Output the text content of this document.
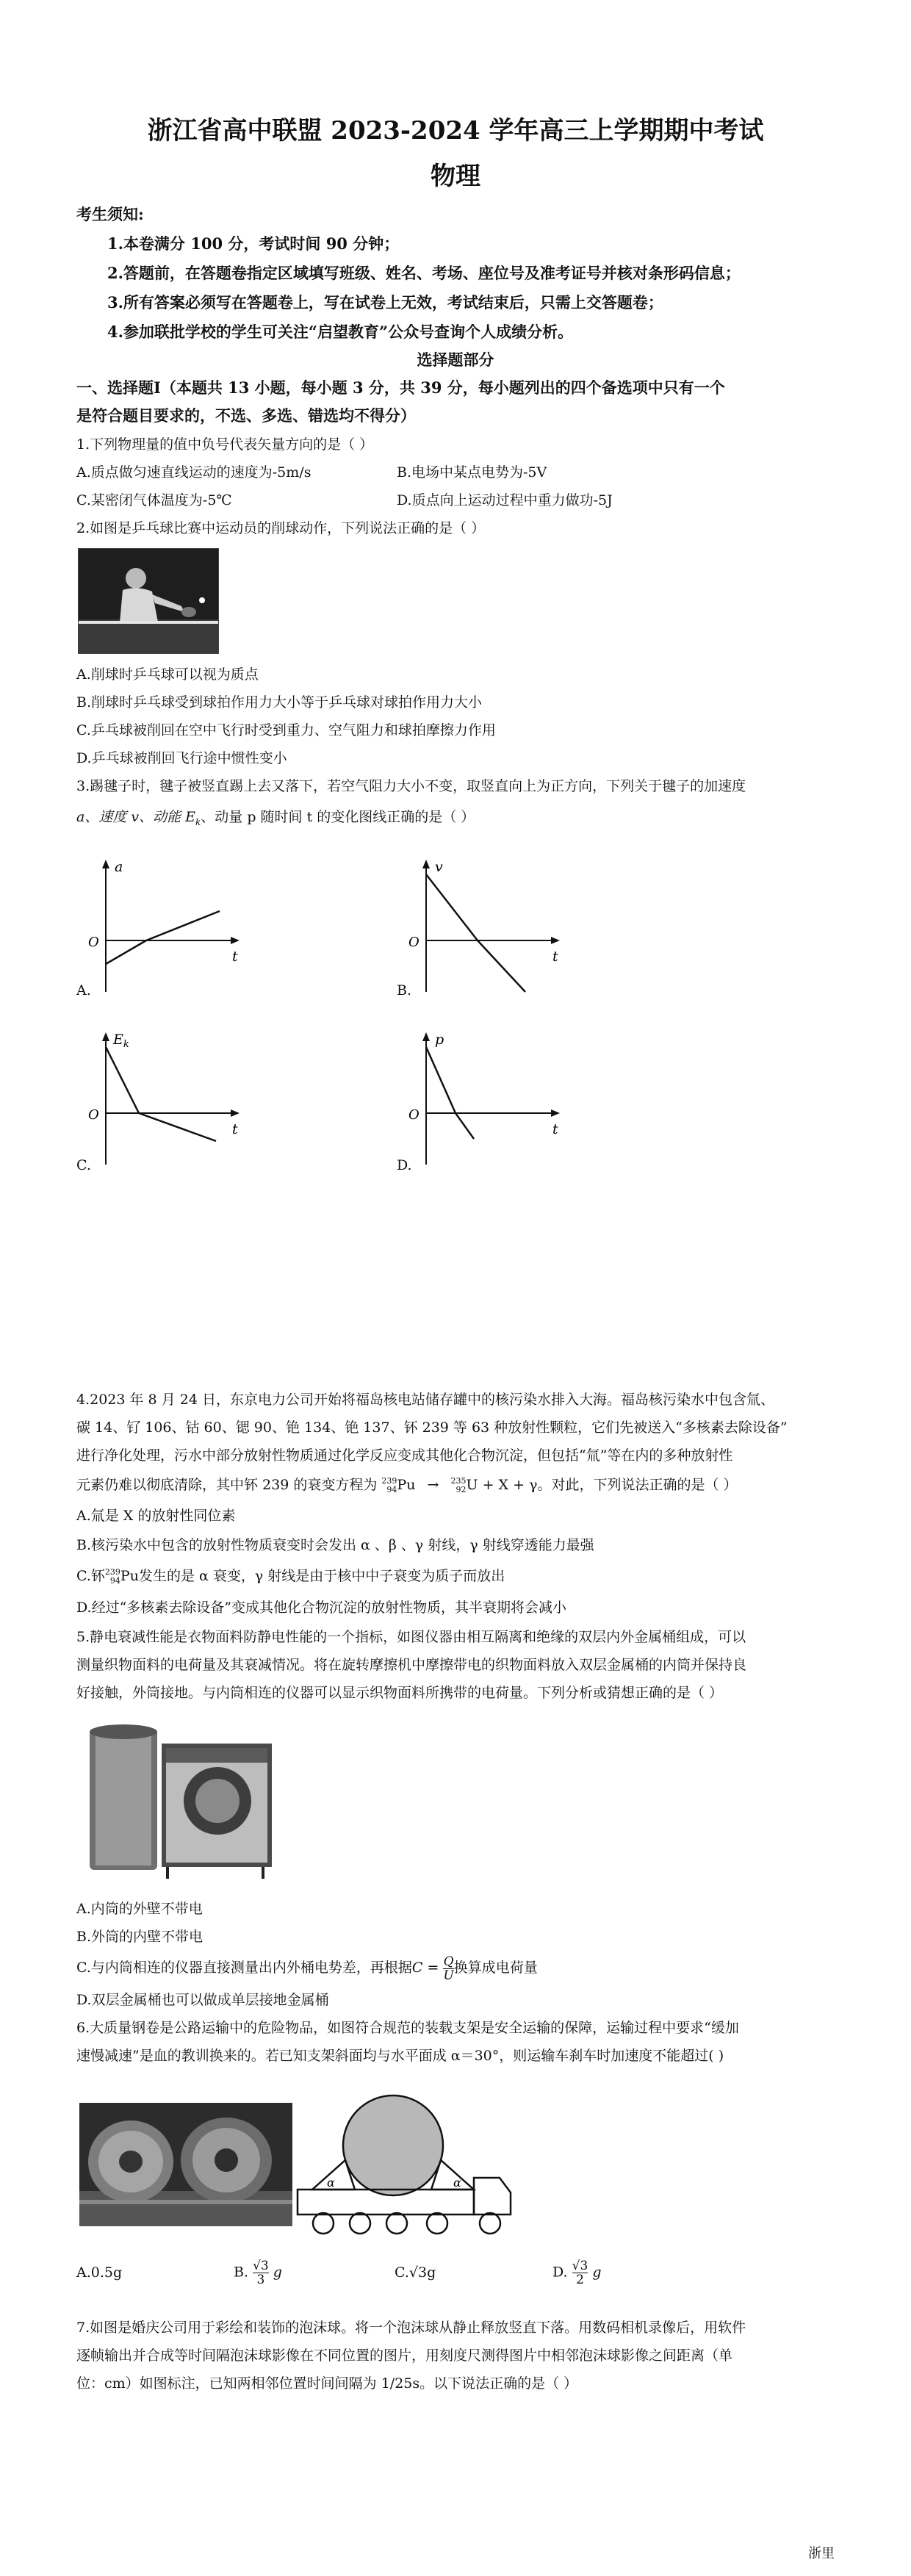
浙江省高中联盟 2023-2024 学年高三上学期期中考试
物理
考生须知:
1.本卷满分 100 分，考试时间 90 分钟；
2.答题前，在答题卷指定区域填写班级、姓名、考场、座位号及准考证号并核对条形码信息；
3.所有答案必须写在答题卷上，写在试卷上无效，考试结束后，只需上交答题卷；
4.参加联批学校的学生可关注“启望教育”公众号查询个人成绩分析。
选择题部分
一、选择题Ⅰ（本题共 13 小题，每小题 3 分，共 39 分，每小题列出的四个备选项中只有一个
是符合题目要求的，不选、多选、错选均不得分）
1.下列物理量的值中负号代表矢量方向的是（ ）
A.质点做匀速直线运动的速度为-5m/s	B.电场中某点电势为-5V
C.某密闭气体温度为-5℃	D.质点向上运动过程中重力做功-5J
2.如图是乒乓球比赛中运动员的削球动作，下列说法正确的是（ ）
A.削球时乒乓球可以视为质点
B.削球时乒乓球受到球拍作用力大小等于乒乓球对球拍作用力大小
C.乒乓球被削回在空中飞行时受到重力、空气阻力和球拍摩擦力作用
D.乒乓球被削回飞行途中惯性变小
3.踢毽子时，毽子被竖直踢上去又落下，若空气阻力大小不变，取竖直向上为正方向，下列关于毽子的加速度
a、速度 v、动能 $E_k$、动量 p 随时间 t 的变化图线正确的是（ ）
a
O
t
A.
v
O
t
B.
$E_k$
O
t
C.
p
O
t
D.
4.2023 年 8 月 24 日，东京电力公司开始将福岛核电站储存罐中的核污染水排入大海。福岛核污染水中包含氚、
碳 14、钌 106、钴 60、锶 90、铯 134、铯 137、钚 239 等 63 种放射性颗粒，它们先被送入“多核素去除设备”
进行净化处理，污水中部分放射性物质通过化学反应变成其他化合物沉淀，但包括“氚”等在内的多种放射性
元素仍难以彻底清除，其中钚 239 的衰变方程为 239
94 Pu → 235
92 U + X + γ。对此，下列说法正确的是（ ）
A.氚是 X 的放射性同位素
B.核污染水中包含的放射性物质衰变时会发出 α 、β 、γ 射线，γ 射线穿透能力最强
C.钚 239
94 Pu发生的是 α 衰变，γ 射线是由于核中中子衰变为质子而放出
D.经过“多核素去除设备”变成其他化合物沉淀的放射性物质，其半衰期将会减小
5.静电衰减性能是衣物面料防静电性能的一个指标，如图仪器由相互隔离和绝缘的双层内外金属桶组成，可以
测量织物面料的电荷量及其衰减情况。将在旋转摩擦机中摩擦带电的织物面料放入双层金属桶的内筒并保持良
好接触，外筒接地。与内筒相连的仪器可以显示织物面料所携带的电荷量。下列分析或猜想正确的是（ ）
A.内筒的外壁不带电
B.外筒的内壁不带电
C.与内筒相连的仪器直接测量出内外桶电势差，再根据$C = \frac{Q}{U}$ 换算成电荷量
D.双层金属桶也可以做成单层接地金属桶
6.大质量钢卷是公路运输中的危险物品，如图符合规范的装载支架是安全运输的保障，运输过程中要求“缓加
速慢减速”是血的教训换来的。若已知支架斜面均与水平面成 α＝30°，则运输车刹车时加速度不能超过( )
α	α
A.0.5g	B. $\frac{√3}{3}$ g	C.√3g	D. $\frac{√3}{2}$ g
7.如图是婚庆公司用于彩绘和装饰的泡沫球。将一个泡沫球从静止释放竖直下落。用数码相机录像后，用软件
逐帧输出并合成等时间隔泡沫球影像在不同位置的图片，用刻度尺测得图片中相邻泡沫球影像之间距离（单
位：cm）如图标注，已知两相邻位置时间间隔为 1/25s。以下说法正确的是（ ）
浙里
